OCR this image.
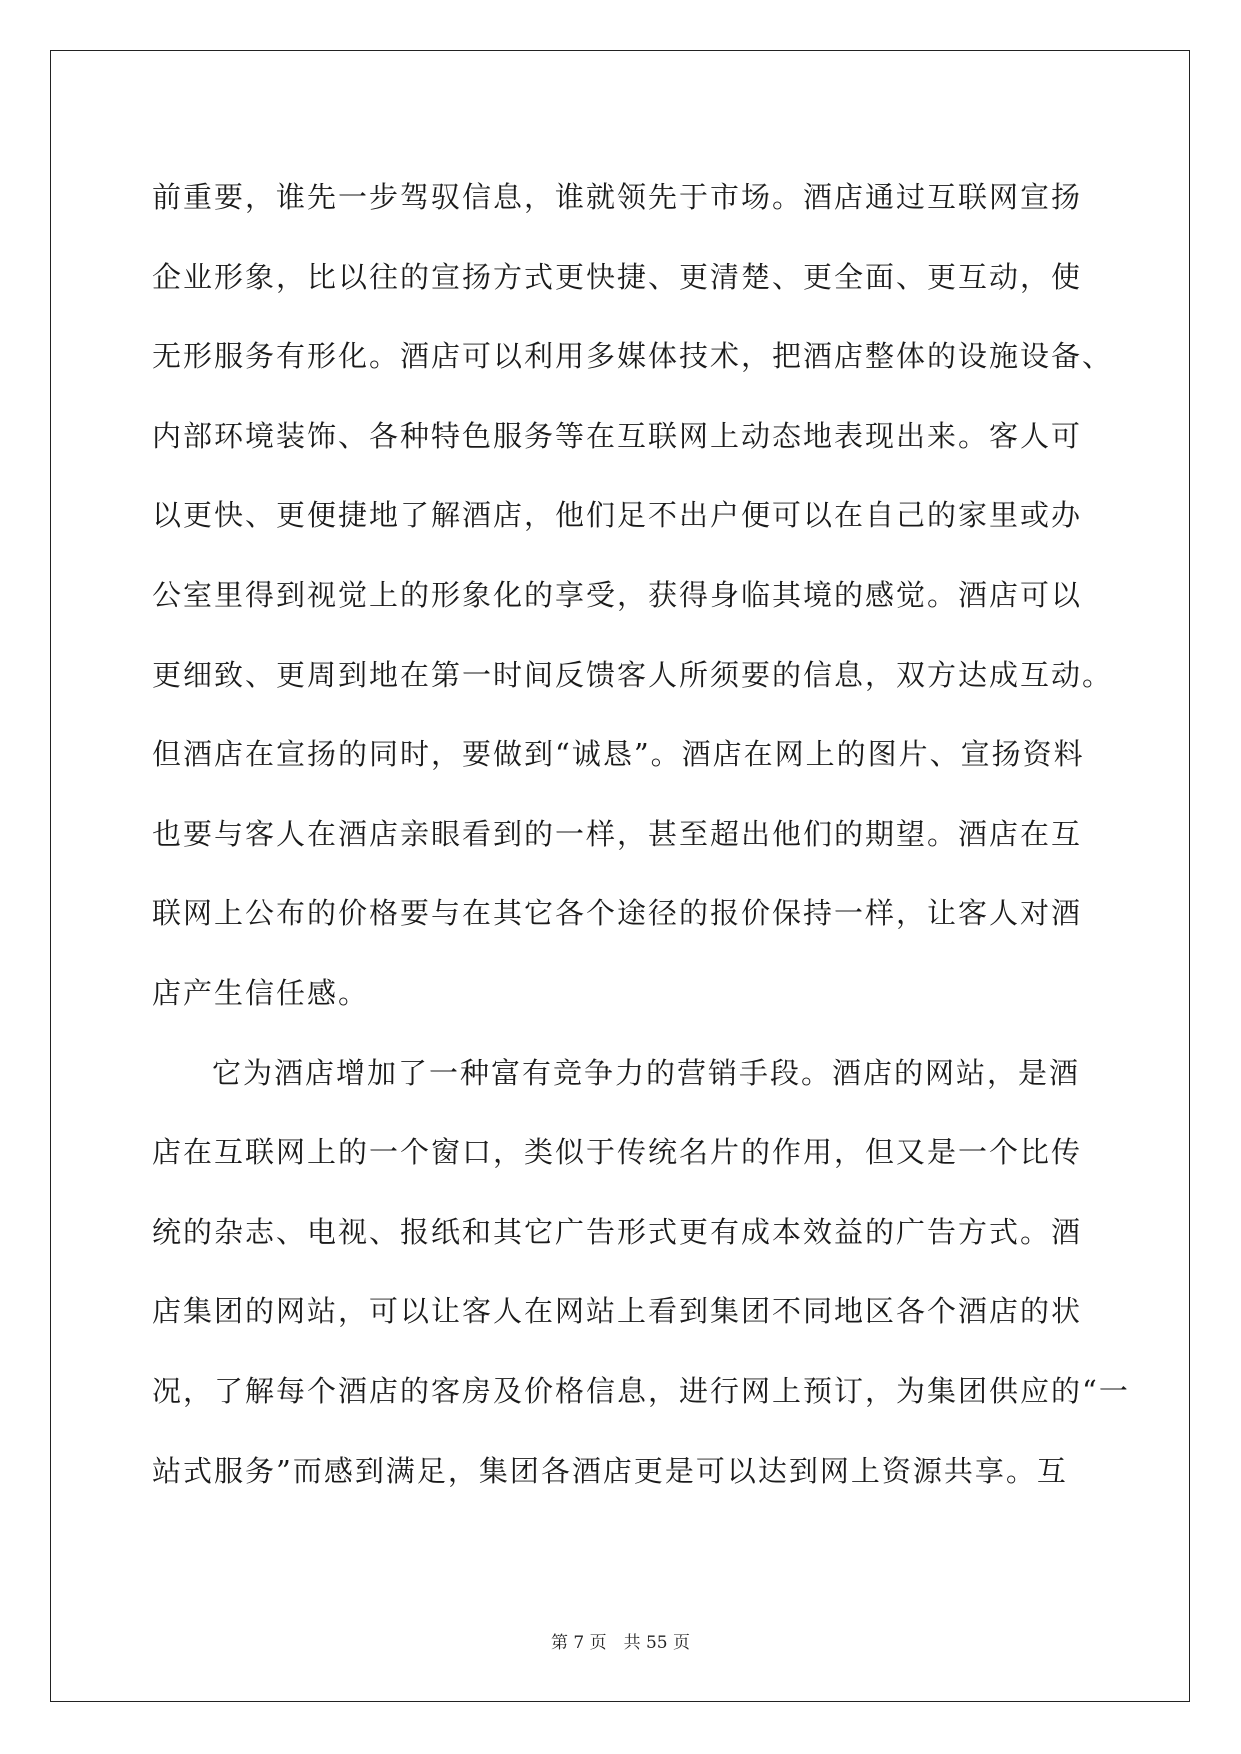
前重要，谁先一步驾驭信息，谁就领先于市场。酒店通过互联网宣扬
企业形象，比以往的宣扬方式更快捷、更清楚、更全面、更互动，使
无形服务有形化。酒店可以利用多媒体技术，把酒店整体的设施设备、
内部环境装饰、各种特色服务等在互联网上动态地表现出来。客人可
以更快、更便捷地了解酒店，他们足不出户便可以在自己的家里或办
公室里得到视觉上的形象化的享受，获得身临其境的感觉。酒店可以
更细致、更周到地在第一时间反馈客人所须要的信息，双方达成互动。
但酒店在宣扬的同时，要做到“诚恳”。酒店在网上的图片、宣扬资料
也要与客人在酒店亲眼看到的一样，甚至超出他们的期望。酒店在互
联网上公布的价格要与在其它各个途径的报价保持一样，让客人对酒
店产生信任感。
它为酒店增加了一种富有竞争力的营销手段。酒店的网站，是酒
店在互联网上的一个窗口，类似于传统名片的作用，但又是一个比传
统的杂志、电视、报纸和其它广告形式更有成本效益的广告方式。酒
店集团的网站，可以让客人在网站上看到集团不同地区各个酒店的状
况，了解每个酒店的客房及价格信息，进行网上预订，为集团供应的“一
站式服务”而感到满足，集团各酒店更是可以达到网上资源共享。互
第 7 页　共 55 页
